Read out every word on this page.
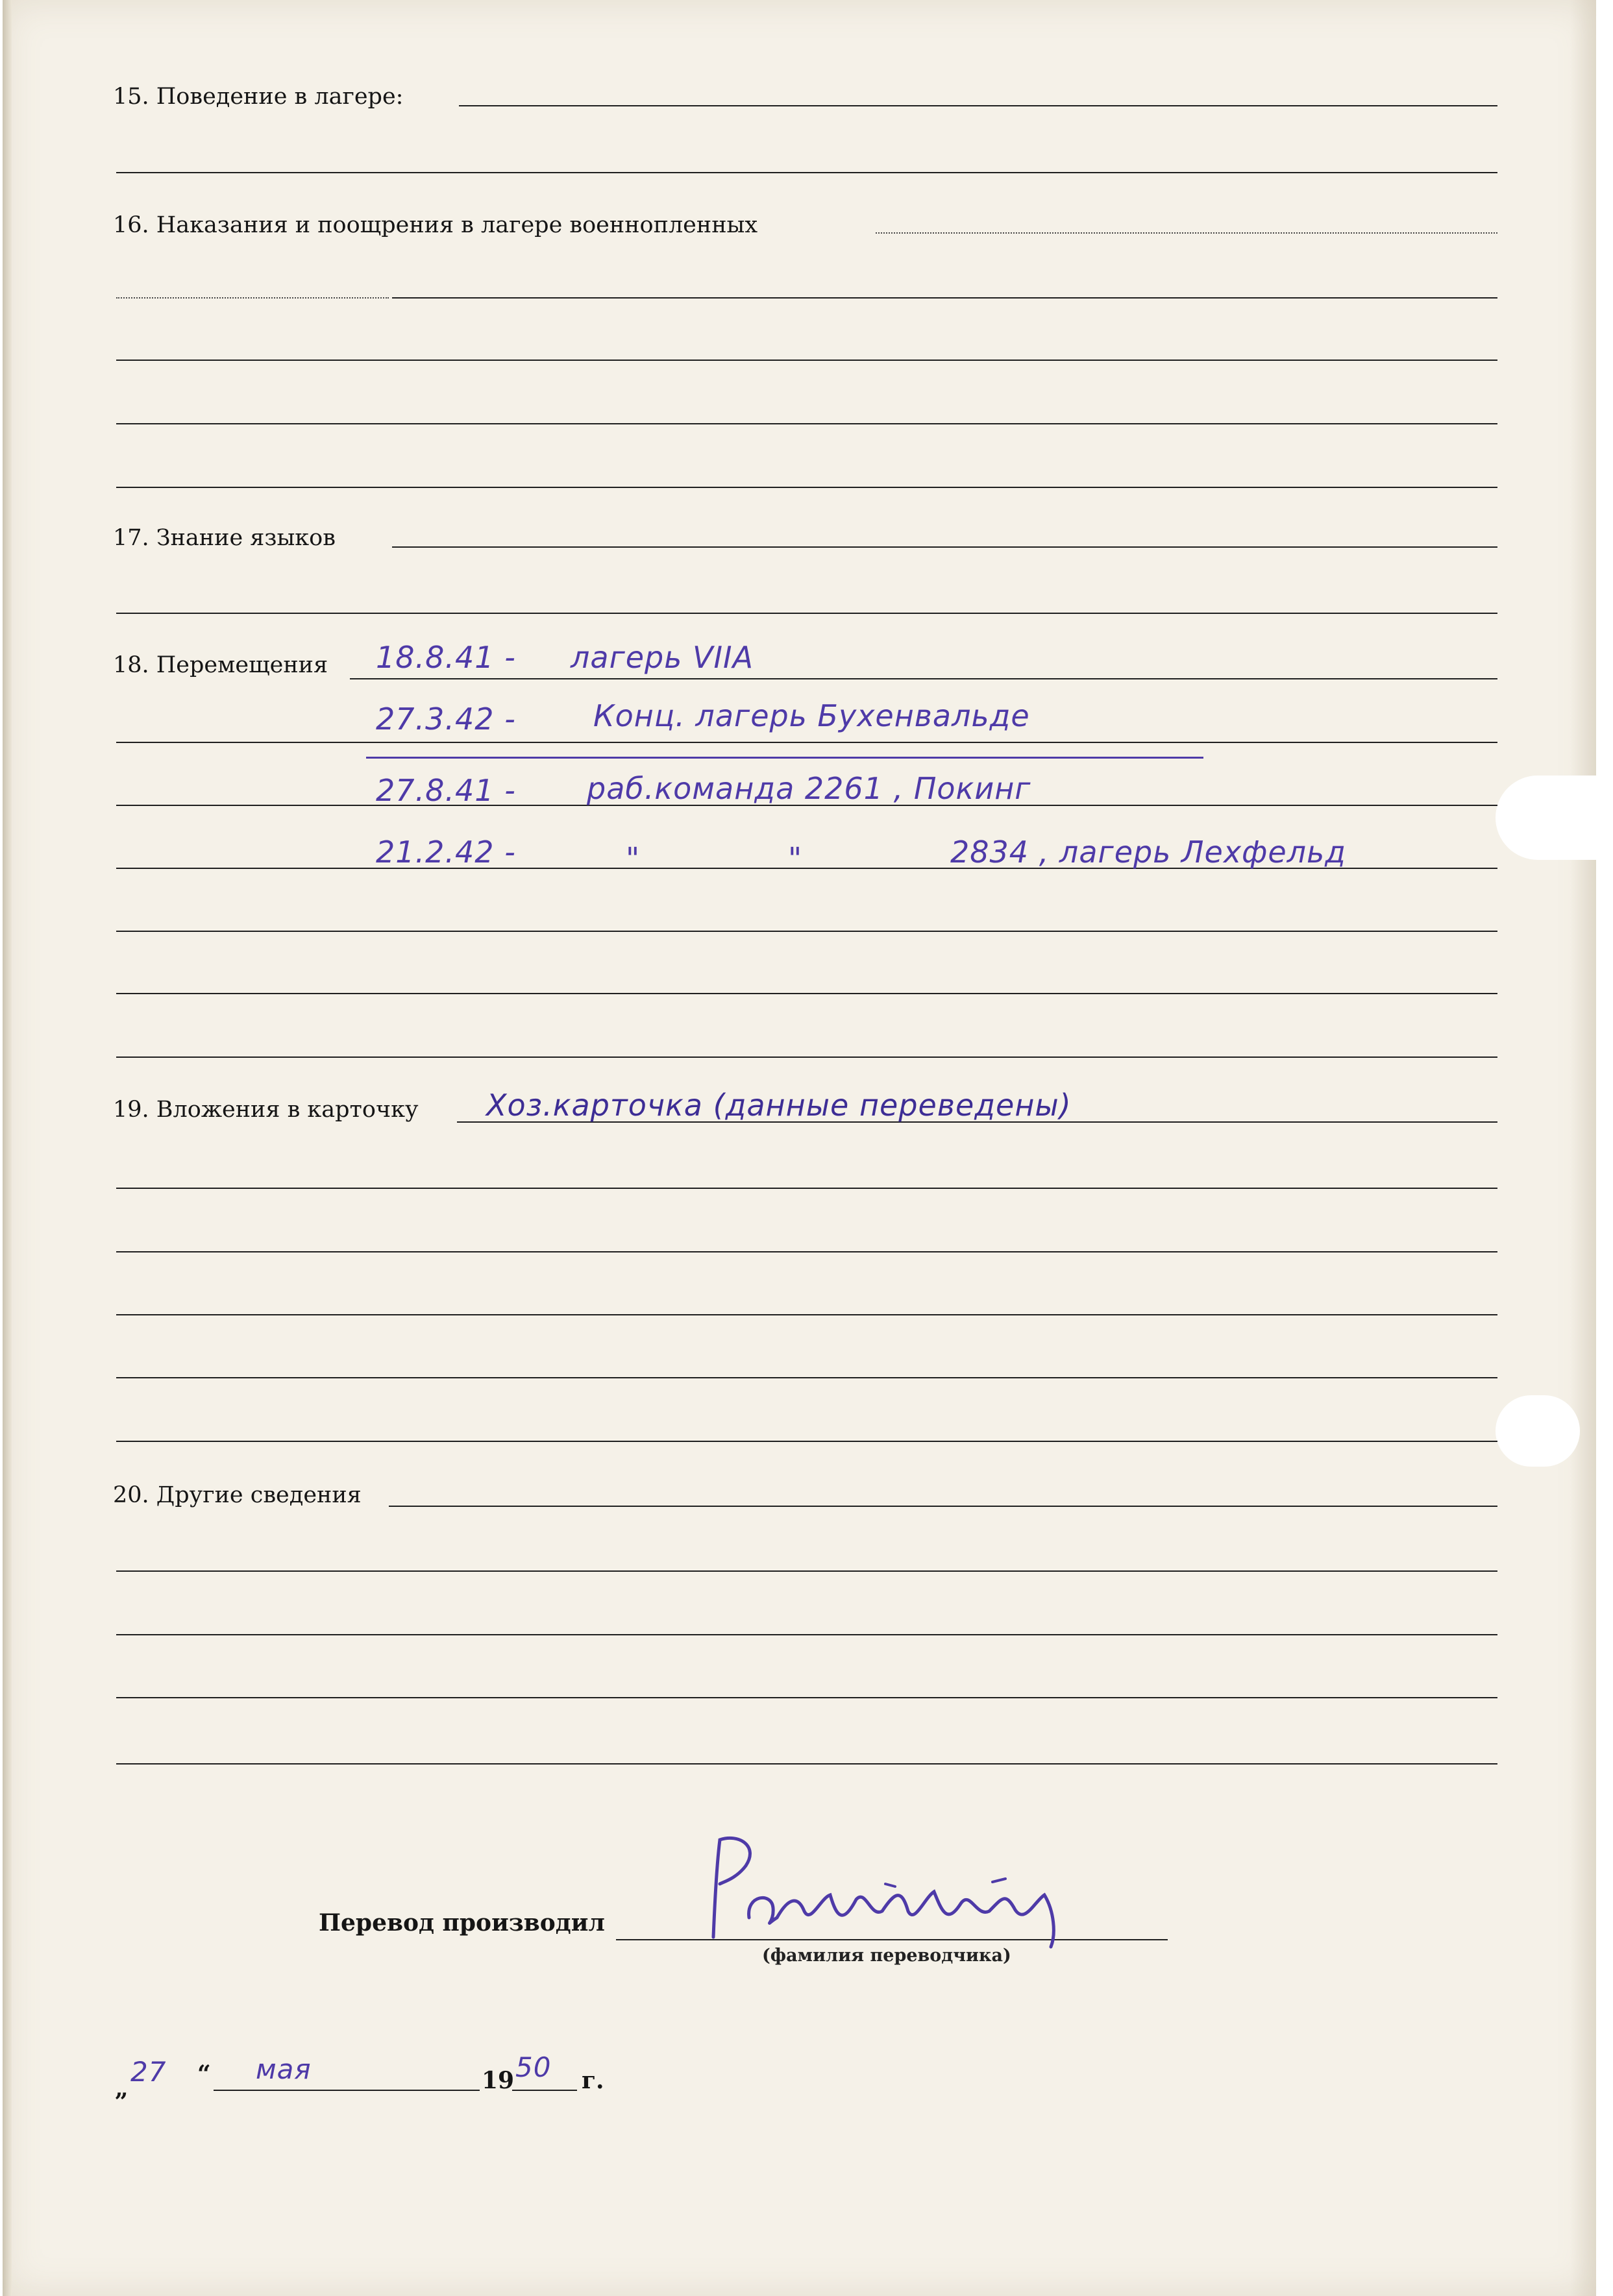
15. Поведение в лагере:
16. Наказания и поощрения в лагере военнопленных
17. Знание языков
18. Перемещения 18.8.41 - лагерь VIIA
27.3.42 -	Конц. лагерь Бухенвальде
27.8.41 - раб.команда 2261 , Покинг
21.2.42 -	"	"	2834 , лагерь Лехфельд
19. Вложения в карточку Хоз.карточка (данные переведены)
20. Другие сведения
Перевод производил
(фамилия переводчика)
„
27 “ мая	19 50 г.
